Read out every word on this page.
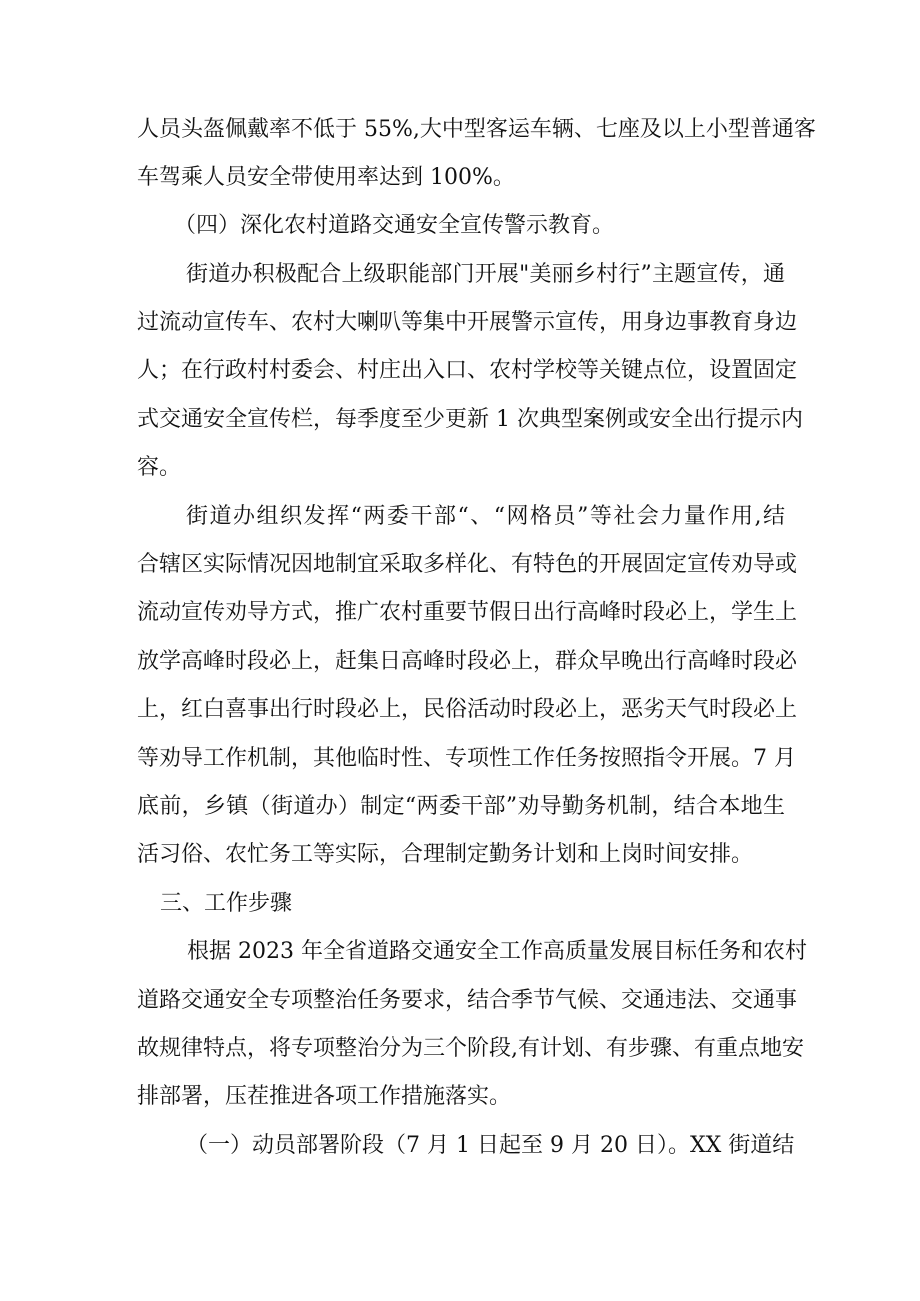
人员头盔佩戴率不低于 55%,大中型客运车辆、七座及以上小型普通客
车驾乘人员安全带使用率达到 100%。
（四）深化农村道路交通安全宣传警示教育。
街道办积极配合上级职能部门开展"美丽乡村行”主题宣传，通
过流动宣传车、农村大喇叭等集中开展警示宣传，用身边事教育身边
人；在行政村村委会、村庄出入口、农村学校等关键点位，设置固定
式交通安全宣传栏，每季度至少更新 1 次典型案例或安全出行提示内
容。
街道办组织发挥“两委干部“、“网格员”等社会力量作用,结
合辖区实际情况因地制宜采取多样化、有特色的开展固定宣传劝导或
流动宣传劝导方式，推广农村重要节假日出行高峰时段必上，学生上
放学高峰时段必上，赶集日高峰时段必上，群众早晚出行高峰时段必
上，红白喜事出行时段必上，民俗活动时段必上，恶劣天气时段必上
等劝导工作机制，其他临时性、专项性工作任务按照指令开展。7 月
底前，乡镇（街道办）制定“两委干部”劝导勤务机制，结合本地生
活习俗、农忙务工等实际，合理制定勤务计划和上岗时间安排。
三、工作步骤
根据 2023 年全省道路交通安全工作高质量发展目标任务和农村
道路交通安全专项整治任务要求，结合季节气候、交通违法、交通事
故规律特点，将专项整治分为三个阶段,有计划、有步骤、有重点地安
排部署，压茬推进各项工作措施落实。
（一）动员部署阶段（7 月 1 日起至 9 月 20 日）。XX 街道结
